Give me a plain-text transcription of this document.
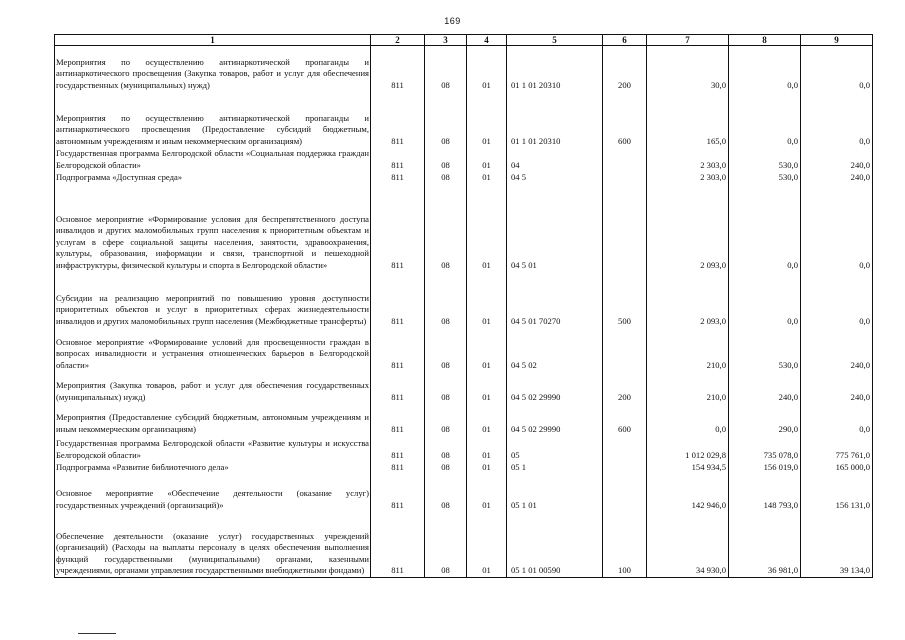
169
1	2	3	4	5	6	7	8	9
Мероприятия по осуществлению антинаркотической пропаганды и антинаркотического просвещения (Закупка товаров, работ и услуг для обеспечения государственных (муниципальных) нужд)	811	08	01	01 1 01 20310	200	30,0	0,0	0,0
Мероприятия по осуществлению антинаркотической пропаганды и антинаркотического просвещения (Предоставление субсидий бюджетным, автономным учреждениям и иным некоммерческим организациям)	811	08	01	01 1 01 20310	600	165,0	0,0	0,0
Государственная программа Белгородской области «Социальная поддержка граждан Белгородской области»	811	08	01	04		2 303,0	530,0	240,0
Подпрограмма «Доступная среда»	811	08	01	04 5		2 303,0	530,0	240,0
Основное мероприятие «Формирование условия для беспрепятственного доступа инвалидов и других маломобильных групп населения к приоритетным объектам и услугам в сфере социальной защиты населения, занятости, здравоохранения, культуры, образования, информации и связи, транспортной и пешеходной инфраструктуры, физической культуры и спорта в Белгородской области»	811	08	01	04 5 01		2 093,0	0,0	0,0
Субсидии на реализацию мероприятий по повышению уровня доступности приоритетных объектов и услуг в приоритетных сферах жизнедеятельности инвалидов и других маломобильных групп населения (Межбюджетные трансферты)	811	08	01	04 5 01 70270	500	2 093,0	0,0	0,0
Основное мероприятие «Формирование условий для просвещенности граждан в вопросах инвалидности и устранения отношенческих барьеров в Белгородской области»	811	08	01	04 5 02		210,0	530,0	240,0
Мероприятия (Закупка товаров, работ и услуг для обеспечения государственных (муниципальных) нужд)	811	08	01	04 5 02 29990	200	210,0	240,0	240,0
Мероприятия (Предоставление субсидий бюджетным, автономным учреждениям и иным некоммерческим организациям)	811	08	01	04 5 02 29990	600	0,0	290,0	0,0
Государственная программа Белгородской области «Развитие культуры и искусства Белгородской области»	811	08	01	05		1 012 029,8	735 078,0	775 761,0
Подпрограмма «Развитие библиотечного дела»	811	08	01	05 1		154 934,5	156 019,0	165 000,0
Основное мероприятие «Обеспечение деятельности (оказание услуг) государственных учреждений (организаций)»	811	08	01	05 1 01		142 946,0	148 793,0	156 131,0
Обеспечение деятельности (оказание услуг) государственных учреждений (организаций) (Расходы на выплаты персоналу в целях обеспечения выполнения функций государственными (муниципальными) органами, казенными учреждениями, органами управления государственными внебюджетными фондами)	811	08	01	05 1 01 00590	100	34 930,0	36 981,0	39 134,0
